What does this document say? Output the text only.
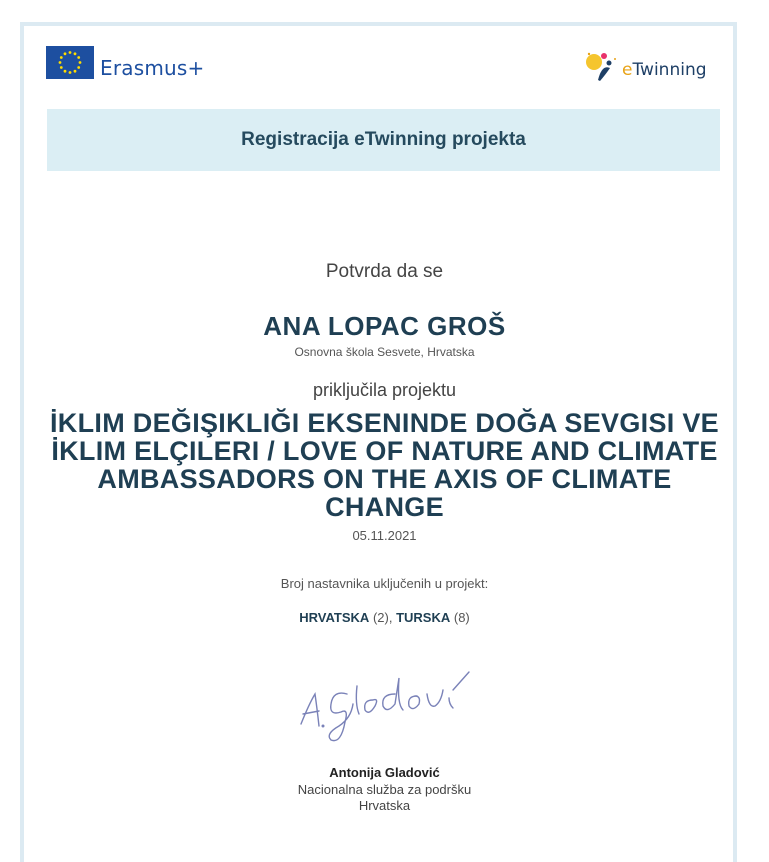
Erasmus+	eTwinning
Registracija eTwinning projekta
Potvrda da se
ANA LOPAC GROŠ
Osnovna škola Sesvete, Hrvatska
priključila projektu
İKLIM DEĞIŞIKLIĞI EKSENINDE DOĞA SEVGISI VE İKLIM ELÇILERI / LOVE OF NATURE AND CLIMATE AMBASSADORS ON THE AXIS OF CLIMATE CHANGE
05.11.2021
Broj nastavnika uključenih u projekt:
HRVATSKA (2), TURSKA (8)
Antonija Gladović
Nacionalna služba za podršku
Hrvatska
